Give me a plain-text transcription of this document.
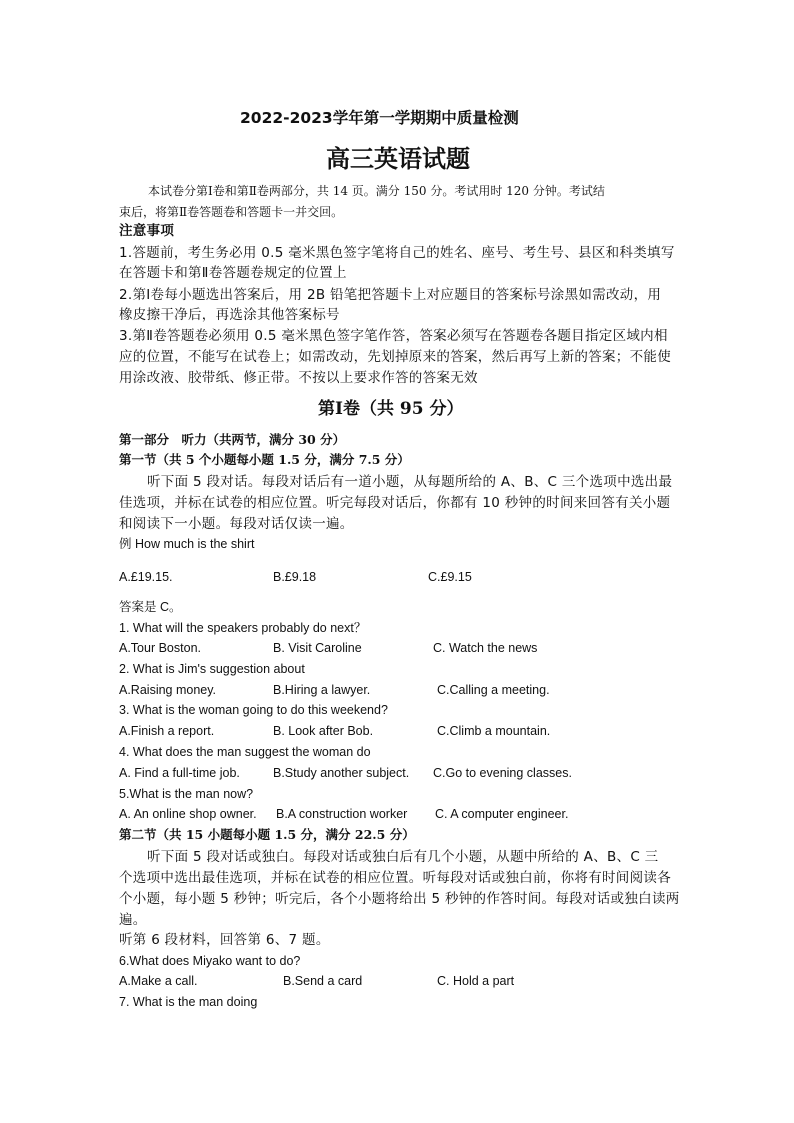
2022-2023学年第一学期期中质量检测
高三英语试题
本试卷分第Ⅰ卷和第Ⅱ卷两部分，共 14 页。满分 150 分。考试用时 120 分钟。考试结
束后，将第Ⅱ卷答题卷和答题卡一并交回。
注意事项
1.答题前，考生务必用 0.5 毫米黑色签字笔将自己的姓名、座号、考生号、县区和科类填写
在答题卡和第Ⅱ卷答题卷规定的位置上
2.第Ⅰ卷每小题选出答案后，用 2B 铅笔把答题卡上对应题目的答案标号涂黑如需改动，用
橡皮擦干净后，再选涂其他答案标号
3.第Ⅱ卷答题卷必须用 0.5 毫米黑色签字笔作答，答案必须写在答题卷各题目指定区域内相
应的位置，不能写在试卷上；如需改动，先划掉原来的答案，然后再写上新的答案；不能使
用涂改液、胶带纸、修正带。不按以上要求作答的答案无效
第Ⅰ卷（共 95 分）
第一部分　听力（共两节，满分 30 分）
第一节（共 5 个小题每小题 1.5 分，满分 7.5 分）
听下面 5 段对话。每段对话后有一道小题，从每题所给的 A、B、C 三个选项中选出最
佳选项，并标在试卷的相应位置。听完每段对话后，你都有 10 秒钟的时间来回答有关小题
和阅读下一小题。每段对话仅读一遍。
例 How much is the shirt
A.£19.15.	B.£9.18	C.£9.15
答案是 C。
1. What will the speakers probably do next？
A.Tour Boston.	B. Visit Caroline	C. Watch the news
2. What is Jim's suggestion about
A.Raising money.	B.Hiring a lawyer.	C.Calling a meeting.
3. What is the woman going to do this weekend?
A.Finish a report.	B. Look after Bob.	C.Climb a mountain.
4. What does the man suggest the woman do
A. Find a full-time job.	B.Study another subject. C.Go to evening classes.
5.What is the man now?
A. An online shop owner. B.A construction worker C. A computer engineer.
第二节（共 15 小题每小题 1.5 分，满分 22.5 分）
听下面 5 段对话或独白。每段对话或独白后有几个小题，从题中所给的 A、B、C 三
个选项中选出最佳选项，并标在试卷的相应位置。听每段对话或独白前，你将有时间阅读各
个小题，每小题 5 秒钟；听完后，各个小题将给出 5 秒钟的作答时间。每段对话或独白读两
遍。
听第 6 段材料，回答第 6、7 题。
6.What does Miyako want to do?
A.Make a call.	B.Send a card	C. Hold a part
7. What is the man doing
